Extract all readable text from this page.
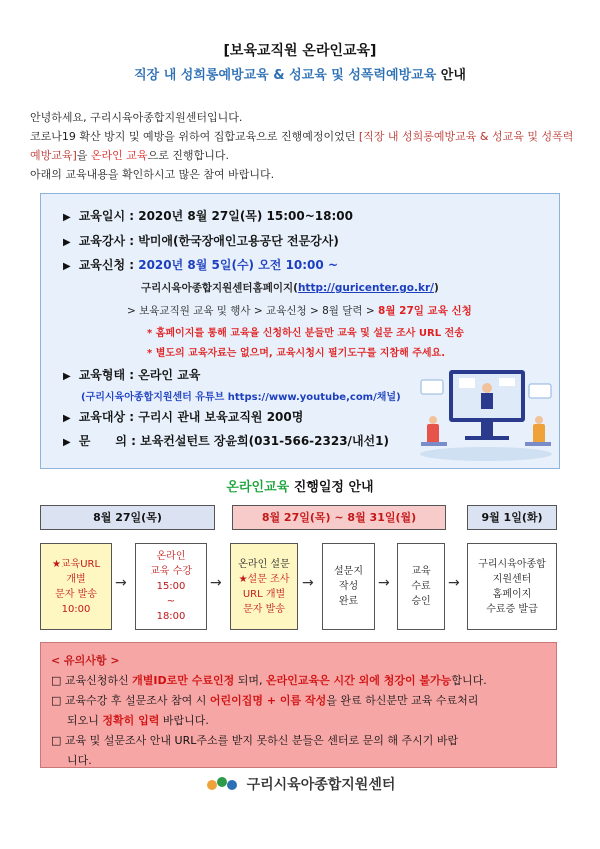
[보육교직원 온라인교육]
직장 내 성희롱예방교육 & 성교육 및 성폭력예방교육 안내
안녕하세요, 구리시육아종합지원센터입니다.
코로나19 확산 방지 및 예방을 위하여 집합교육으로 진행예정이었던 [직장 내 성희롱예방교육 & 성교육 및 성폭력예방교육]을 온라인 교육으로 진행합니다.
아래의 교육내용을 확인하시고 많은 참여 바랍니다.
▶ 교육일시 : 2020년 8월 27일(목) 15:00~18:00
▶ 교육강사 : 박미애(한국장애인고용공단 전문강사)
▶ 교육신청 : 2020년 8월 5일(수) 오전 10:00 ~
구리시육아종합지원센터홈페이지(http://guricenter.go.kr/)
> 보육교직원 교육 및 행사 > 교육신청 > 8월 달력 > 8월 27일 교육 신청
* 홈페이지를 통해 교육을 신청하신 분들만 교육 및 설문 조사 URL 전송
* 별도의 교육자료는 없으며, 교육시청시 필기도구를 지참해 주세요.
▶ 교육형태 : 온라인 교육
(구리시육아종합지원센터 유튜브 https://www.youtube,com/채널)
▶ 교육대상 : 구리시 관내 보육교직원 200명
▶ 문      의 : 보육컨설턴트 장윤희(031-566-2323/내선1)
온라인교육 진행일정 안내
8월 27일(목)	8월 27일(목) ~ 8월 31일(월)	9월 1일(화)
★교육URL
개별
문자 발송
10:00
→
온라인
교육 수강
15:00
~
18:00
→
온라인 설문
★설문 조사
URL 개별
문자 발송
→
설문지
작성
완료
→
교육
수료
승인
→
구리시육아종합
지원센터
홈페이지
수료증 발급
< 유의사항 >
□ 교육신청하신 개별ID로만 수료인정 되며, 온라인교육은 시간 외에 청강이 불가능합니다.
□ 교육수강 후 설문조사 참여 시 어린이집명 + 이름 작성을 완료 하신분만 교육 수료처리
되오니 정확히 입력 바랍니다.
□ 교육 및 설문조사 안내 URL주소를 받지 못하신 분들은 센터로 문의 해 주시기 바랍
니다.
구리시육아종합지원센터
